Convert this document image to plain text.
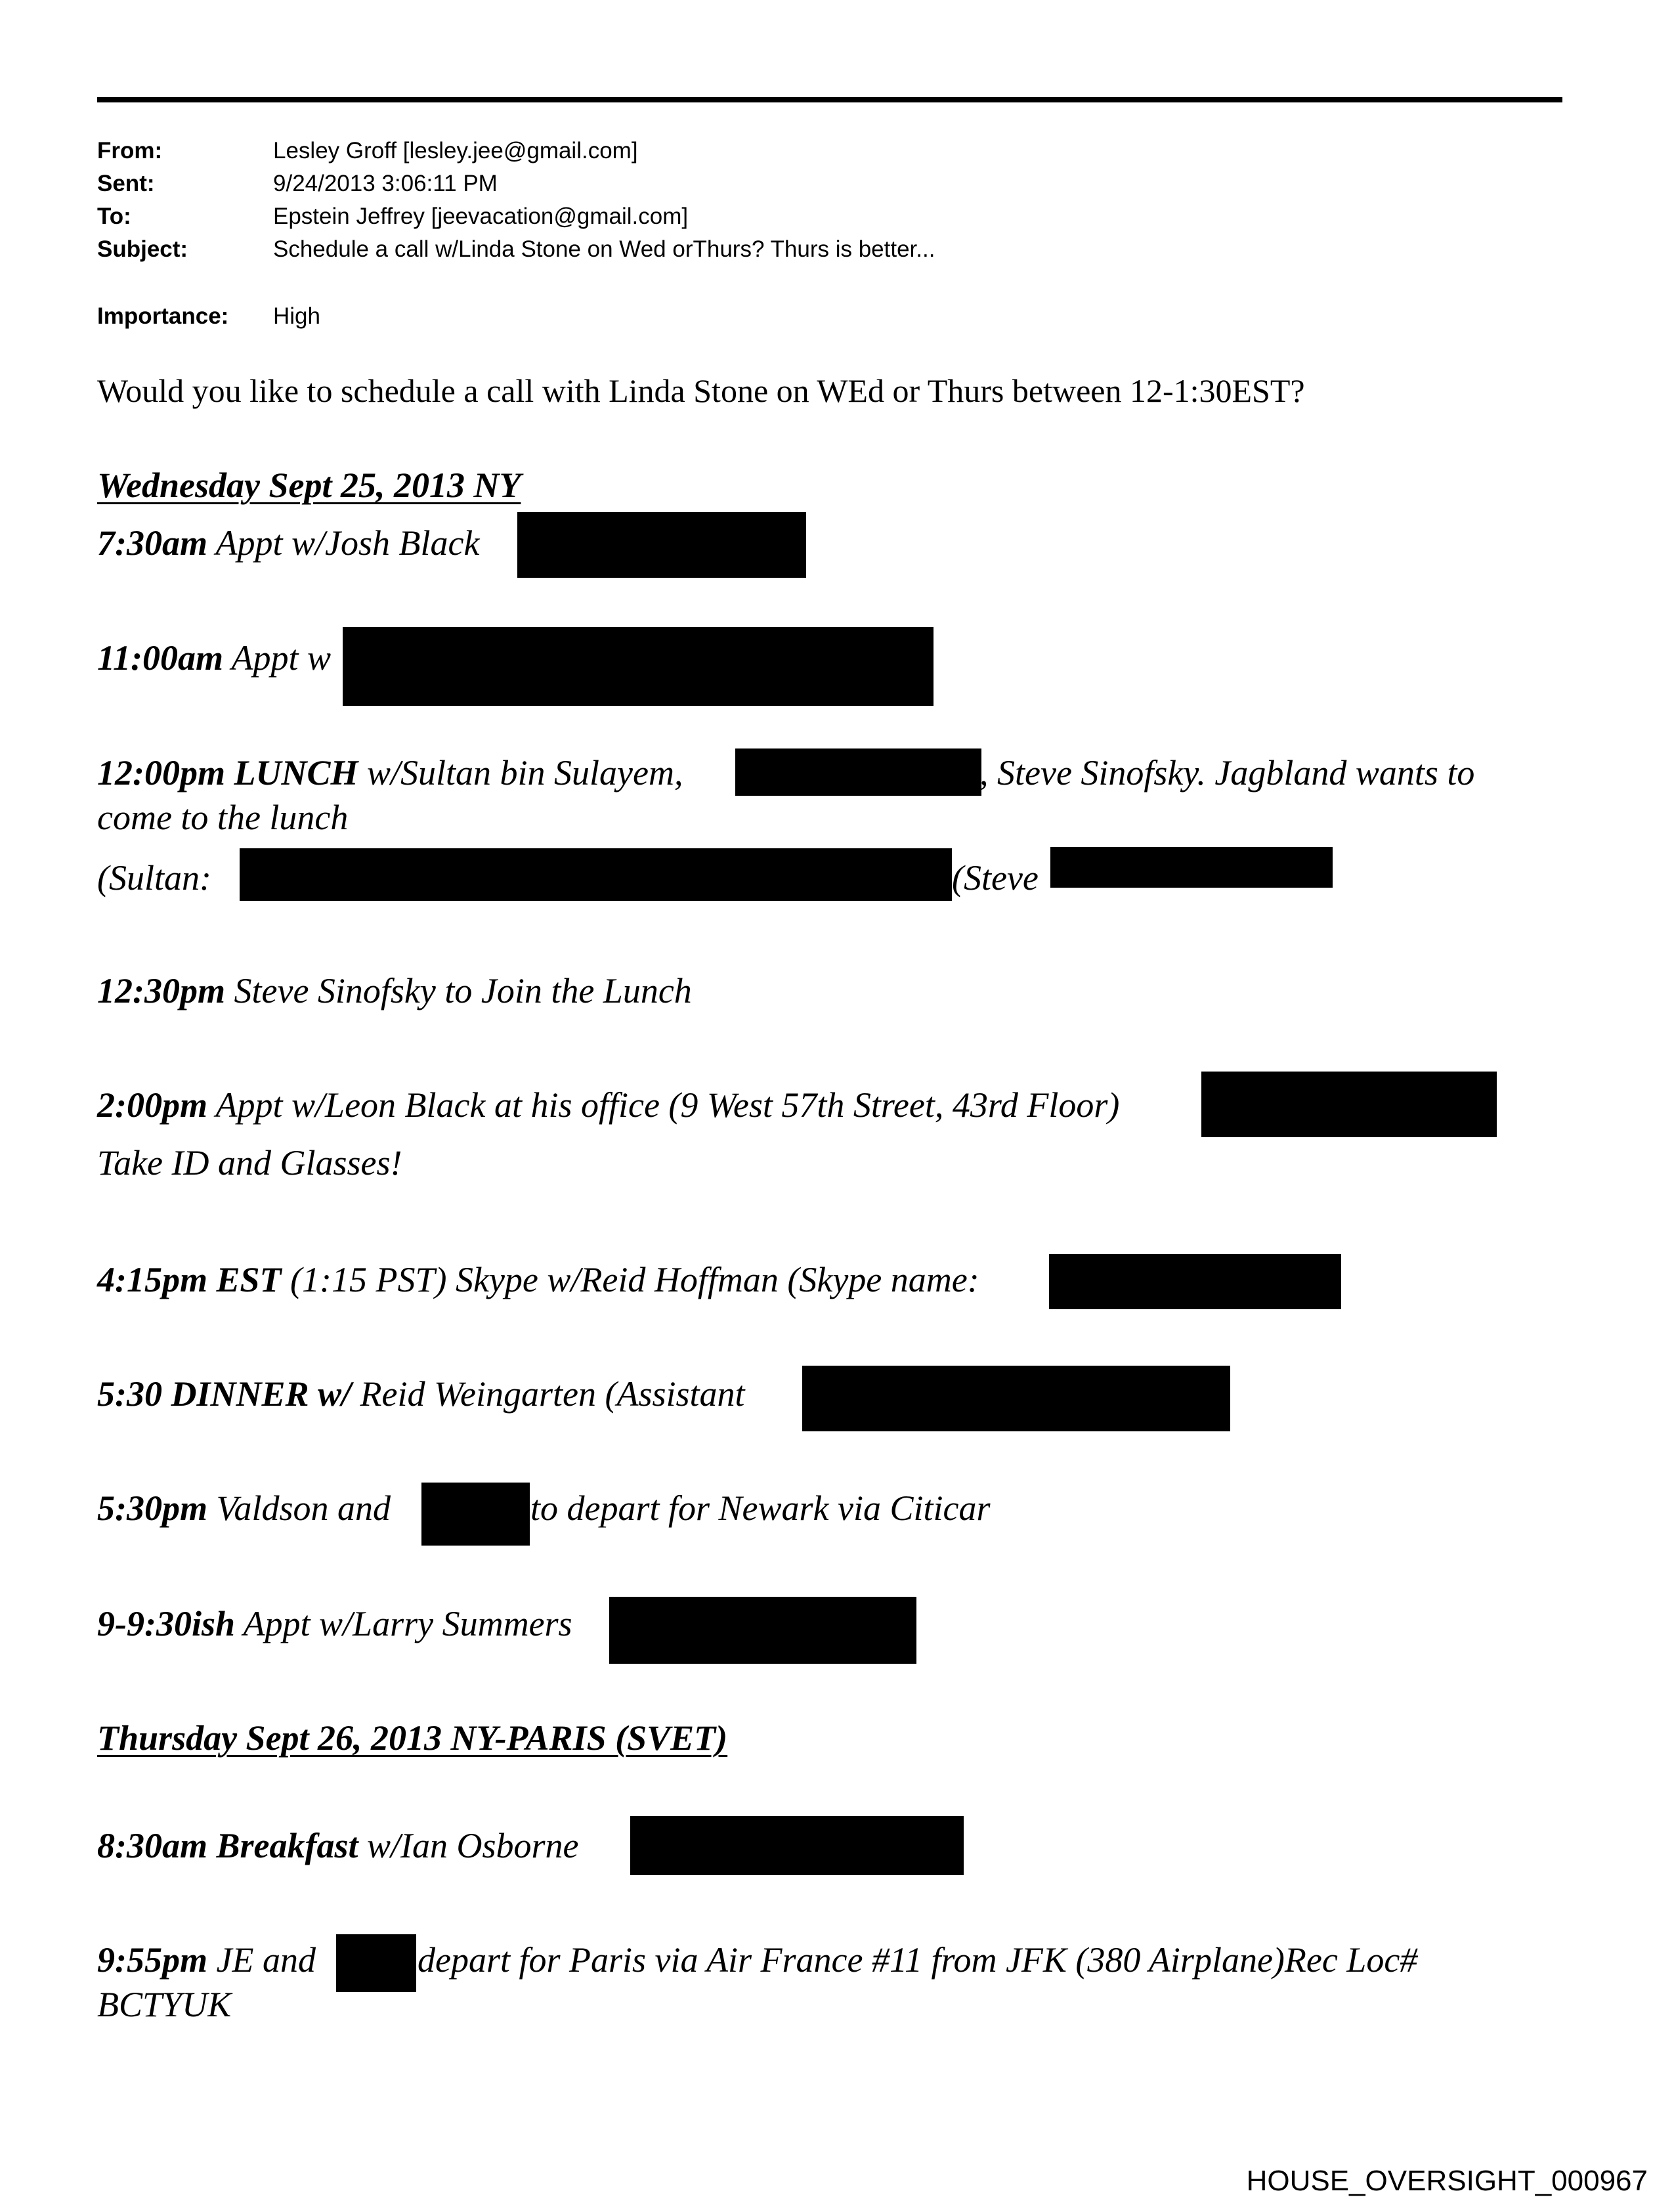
From:	Lesley Groff [lesley.jee@gmail.com]
Sent:	9/24/2013 3:06:11 PM
To:	Epstein Jeffrey [jeevacation@gmail.com]
Subject:	Schedule a call w/Linda Stone on Wed orThurs? Thurs is better...
Importance: High
Would you like to schedule a call with Linda Stone on WEd or Thurs between 12-1:30EST?
Wednesday Sept 25, 2013 NY
7:30am Appt w/Josh Black
11:00am Appt w
12:00pm LUNCH w/Sultan bin Sulayem,	, Steve Sinofsky. Jagbland wants to
come to the lunch
(Sultan:	(Steve
12:30pm Steve Sinofsky to Join the Lunch
2:00pm Appt w/Leon Black at his office (9 West 57th Street, 43rd Floor)
Take ID and Glasses!
4:15pm EST (1:15 PST) Skype w/Reid Hoffman (Skype name:
5:30 DINNER w/ Reid Weingarten (Assistant
5:30pm Valdson and	to depart for Newark via Citicar
9-9:30ish Appt w/Larry Summers
Thursday Sept 26, 2013 NY-PARIS (SVET)
8:30am Breakfast w/Ian Osborne
9:55pm JE and	depart for Paris via Air France #11 from JFK (380 Airplane)Rec Loc#
BCTYUK
HOUSE_OVERSIGHT_000967
